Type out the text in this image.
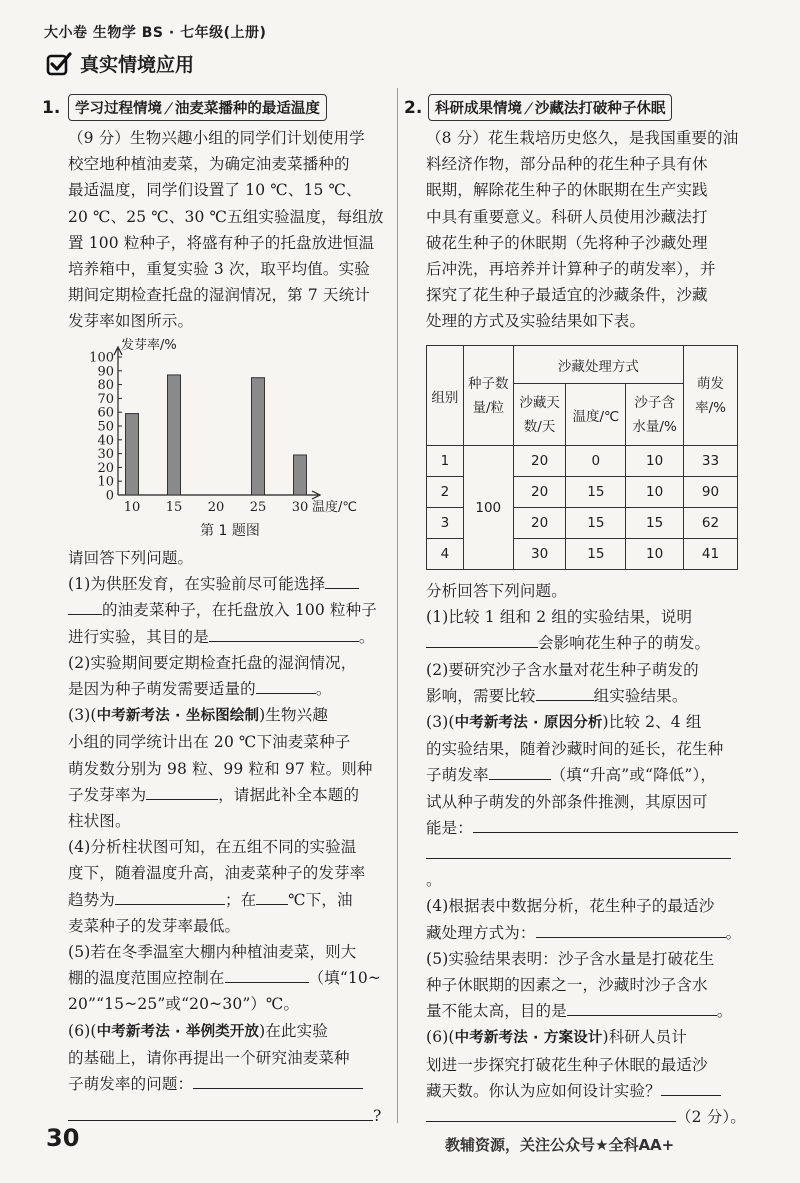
大小卷 生物学 BS · 七年级(上册)
真实情境应用
1.	学习过程情境/油麦菜播种的最适温度
（9 分）生物兴趣小组的同学们计划使用学
校空地种植油麦菜，为确定油麦菜播种的
最适温度，同学们设置了 10 ℃、15 ℃、
20 ℃、25 ℃、30 ℃五组实验温度，每组放
置 100 粒种子，将盛有种子的托盘放进恒温
培养箱中，重复实验 3 次，取平均值。实验
期间定期检查托盘的湿润情况，第 7 天统计
发芽率如图所示。
0
10
20
30
40
50
60
70
80
90
100
发芽率/%
10 15 20 25 30 温度/℃
第 1 题图
请回答下列问题。
(1)为供胚发育，在实验前尽可能选择
的油麦菜种子，在托盘放入 100 粒种子
进行实验，其目的是	。
(2)实验期间要定期检查托盘的湿润情况，
是因为种子萌发需要适量的	。
(3)(中考新考法 · 坐标图绘制)生物兴趣
小组的同学统计出在 20 ℃下油麦菜种子
萌发数分别为 98 粒、99 粒和 97 粒。则种
子发芽率为	，请据此补全本题的
柱状图。
(4)分析柱状图可知，在五组不同的实验温
度下，随着温度升高，油麦菜种子的发芽率
趋势为	；在 ℃下，油
麦菜种子的发芽率最低。
(5)若在冬季温室大棚内种植油麦菜，则大
棚的温度范围应控制在	（填“10~
20”“15~25”或“20~30”）℃。
(6)(中考新考法 · 举例类开放)在此实验
的基础上，请你再提出一个研究油麦菜种
子萌发率的问题：
?
2. 科研成果情境/沙藏法打破种子休眠
（8 分）花生栽培历史悠久，是我国重要的油
料经济作物，部分品种的花生种子具有休
眠期，解除花生种子的休眠期在生产实践
中具有重要意义。科研人员使用沙藏法打
破花生种子的休眠期（先将种子沙藏处理
后冲洗，再培养并计算种子的萌发率），并
探究了花生种子最适宜的沙藏条件，沙藏
处理的方式及实验结果如下表。
组别	种子数量/粒	沙藏处理方式			萌发率/%
		沙藏天数/天	温度/℃	沙子含水量/%	
1	100	20	0	10	33
2		20	15	10	90
3		20	15	15	62
4		30	15	10	41
分析回答下列问题。
(1)比较 1 组和 2 组的实验结果，说明
会影响花生种子的萌发。
(2)要研究沙子含水量对花生种子萌发的
影响，需要比较	组实验结果。
(3)(中考新考法 · 原因分析)比较 2、4 组
的实验结果，随着沙藏时间的延长，花生种
子萌发率	（填“升高”或“降低”），
试从种子萌发的外部条件推测，其原因可
能是：
。
(4)根据表中数据分析，花生种子的最适沙
藏处理方式为：	。
(5)实验结果表明：沙子含水量是打破花生
种子休眠期的因素之一，沙藏时沙子含水
量不能太高，目的是	。
(6)(中考新考法 · 方案设计)科研人员计
划进一步探究打破花生种子休眠的最适沙
藏天数。你认为应如何设计实验？
（2 分）。
30	教辅资源，关注公众号★全科AA+
